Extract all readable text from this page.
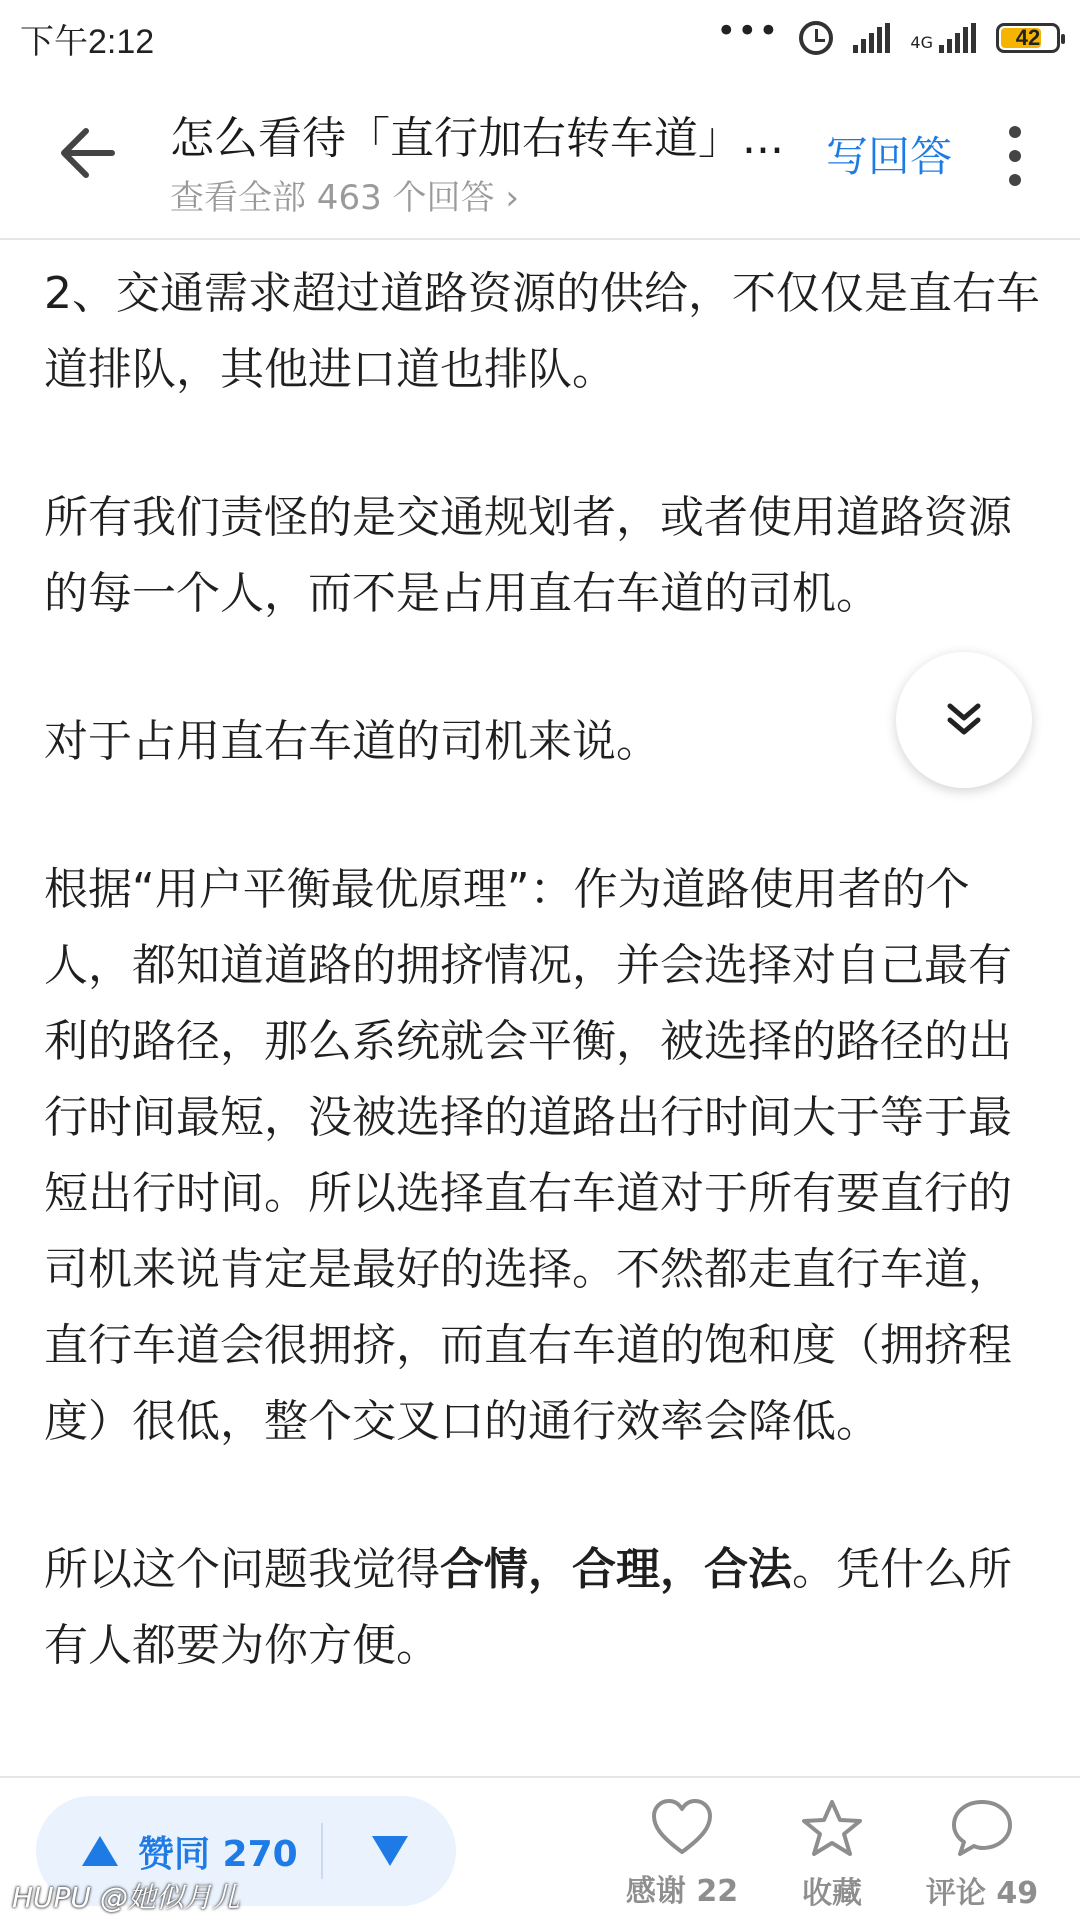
下午2:12	•••	4G	42
怎么看待「直行加右转车道」...
查看全部 463 个回答 ›
写回答

2、交通需求超过道路资源的供给，不仅仅是直右车道排队，其他进口道也排队。

所有我们责怪的是交通规划者，或者使用道路资源的每一个人，而不是占用直右车道的司机。

对于占用直右车道的司机来说。

根据“用户平衡最优原理”：作为道路使用者的个人，都知道道路的拥挤情况，并会选择对自己最有利的路径，那么系统就会平衡，被选择的路径的出行时间最短，没被选择的道路出行时间大于等于最短出行时间。所以选择直右车道对于所有要直行的司机来说肯定是最好的选择。不然都走直行车道，直行车道会很拥挤，而直右车道的饱和度（拥挤程度）很低，整个交叉口的通行效率会降低。

所以这个问题我觉得合情，合理，合法。凭什么所有人都要为你方便。

赞同 270
感谢 22	收藏	评论 49
HUPU @她似月儿
